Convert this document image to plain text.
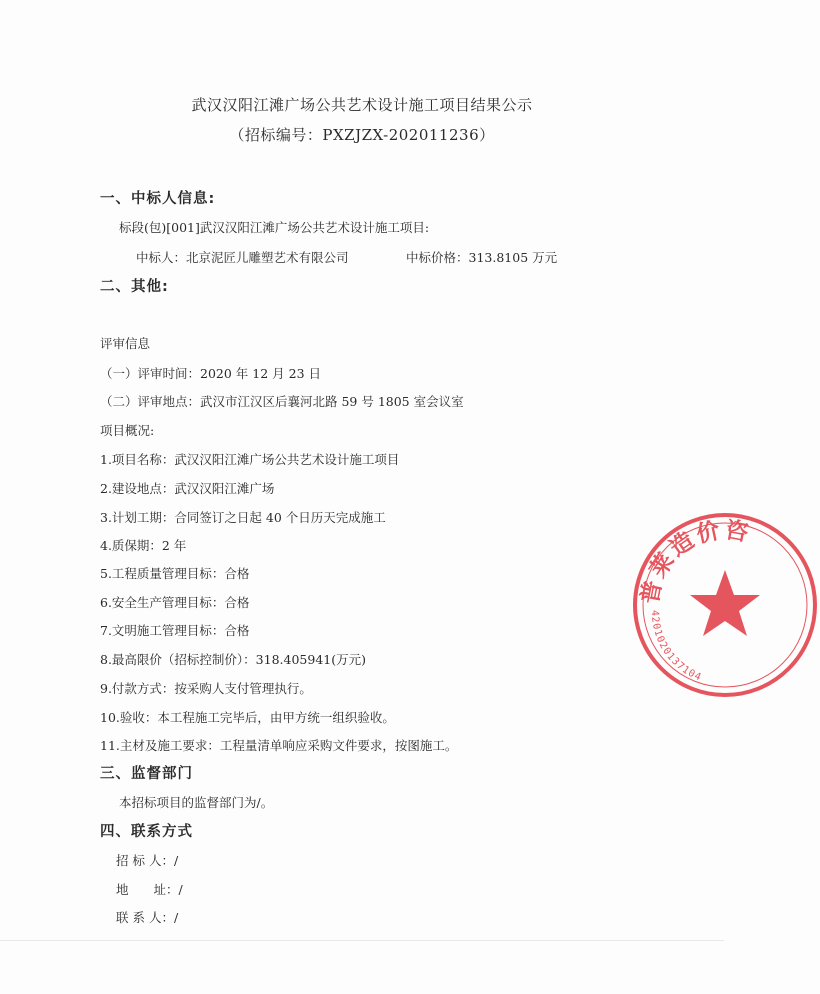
武汉汉阳江滩广场公共艺术设计施工项目结果公示
（招标编号：PXZJZX-202011236）
一、中标人信息:
标段(包)[001]武汉汉阳江滩广场公共艺术设计施工项目:
中标人：北京泥匠儿雕塑艺术有限公司	中标价格：313.8105 万元
二、其他:
评审信息
（一）评审时间：2020 年 12 月 23 日
（二）评审地点：武汉市江汉区后襄河北路 59 号 1805 室会议室
项目概况:
1.项目名称：武汉汉阳江滩广场公共艺术设计施工项目
2.建设地点：武汉汉阳江滩广场
3.计划工期：合同签订之日起 40 个日历天完成施工
4.质保期：2 年
5.工程质量管理目标：合格
6.安全生产管理目标：合格
7.文明施工管理目标：合格
8.最高限价（招标控制价）：318.405941(万元)
9.付款方式：按采购人支付管理执行。
10.验收：本工程施工完毕后，由甲方统一组织验收。
11.主材及施工要求：工程量清单响应采购文件要求，按图施工。
三、监督部门
本招标项目的监督部门为/。
四、联系方式
招 标 人：/
地　　址：/
联 系 人：/
普莱造价咨
4201020137104
